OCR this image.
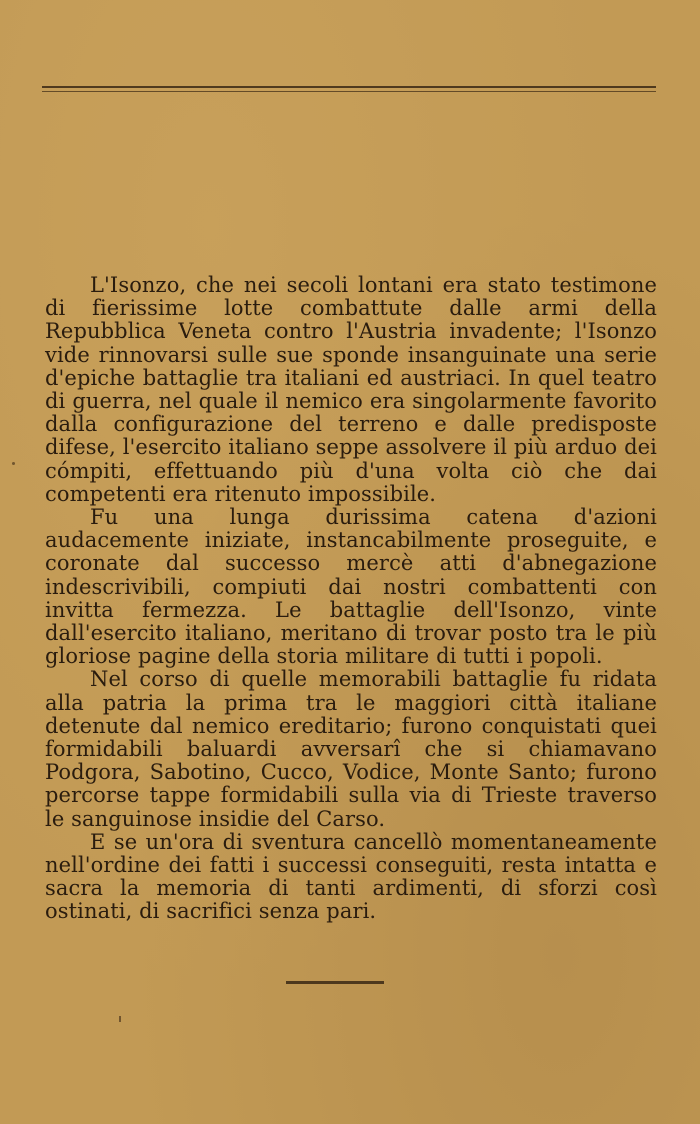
L'Isonzo, che nei secoli lontani era stato testimone di fierissime lotte combattute dalle armi della Repubblica Veneta contro l'Austria invadente; l'Isonzo vide rinnovarsi sulle sue sponde insanguinate una serie d'epiche battaglie tra italiani ed austriaci. In quel teatro di guerra, nel quale il nemico era singolarmente favorito dalla configurazione del terreno e dalle predisposte difese, l'esercito italiano seppe assolvere il più arduo dei cómpiti, effettuando più d'una volta ciò che dai competenti era ritenuto impossibile.

Fu una lunga durissima catena d'azioni audacemente iniziate, instancabilmente proseguite, e coronate dal successo mercè atti d'abnegazione indescrivibili, compiuti dai nostri combattenti con invitta fermezza. Le battaglie dell'Isonzo, vinte dall'esercito italiano, meritano di trovar posto tra le più gloriose pagine della storia militare di tutti i popoli.

Nel corso di quelle memorabili battaglie fu ridata alla patria la prima tra le maggiori città italiane detenute dal nemico ereditario; furono conquistati quei formidabili baluardi avversarî che si chiamavano Podgora, Sabotino, Cucco, Vodice, Monte Santo; furono percorse tappe formidabili sulla via di Trieste traverso le sanguinose insidie del Carso.

E se un'ora di sventura cancellò momentaneamente nell'ordine dei fatti i successi conseguiti, resta intatta e sacra la memoria di tanti ardimenti, di sforzi così ostinati, di sacrifici senza pari.
